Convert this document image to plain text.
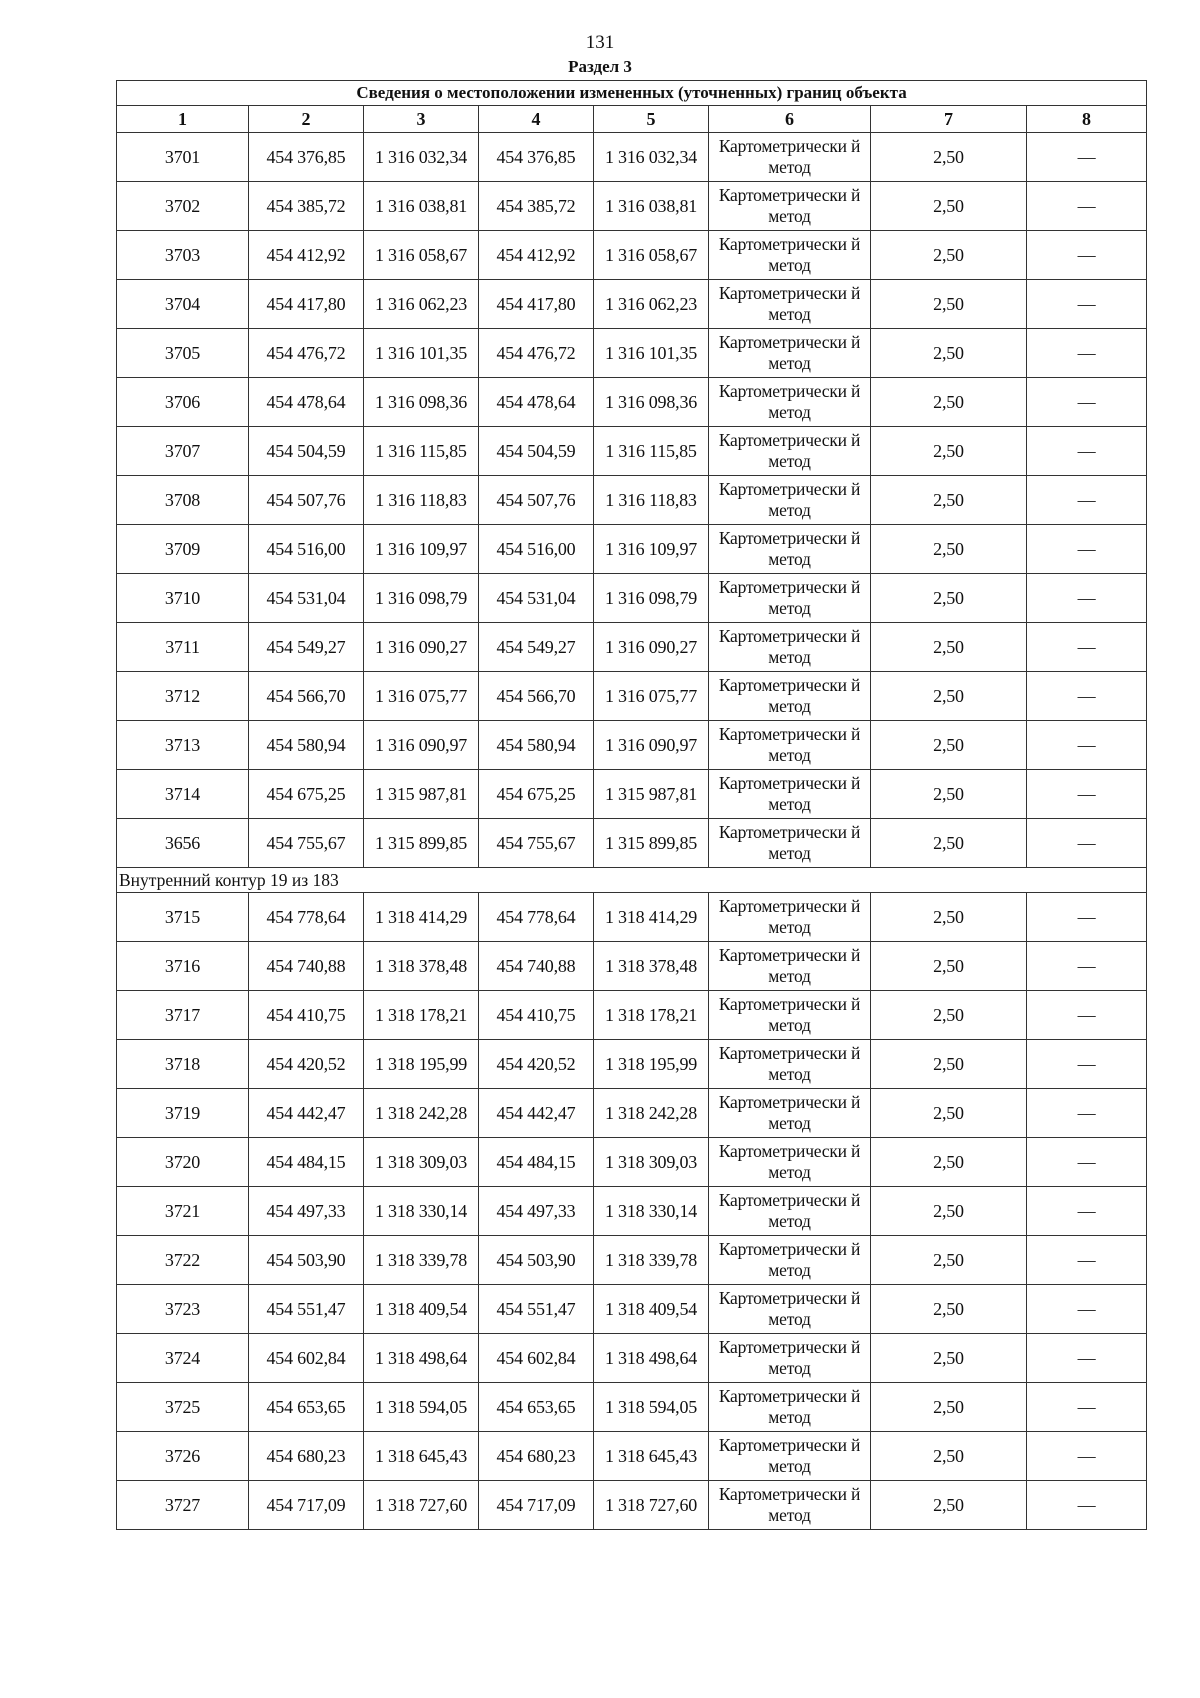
131
Раздел 3
Сведения о местоположении измененных (уточненных) границ объекта							
1	2	3	4	5	6	7	8
3701	454 376,85	1 316 032,34	454 376,85	1 316 032,34	Картометрически й метод	2,50	—
3702	454 385,72	1 316 038,81	454 385,72	1 316 038,81	Картометрически й метод	2,50	—
3703	454 412,92	1 316 058,67	454 412,92	1 316 058,67	Картометрически й метод	2,50	—
3704	454 417,80	1 316 062,23	454 417,80	1 316 062,23	Картометрически й метод	2,50	—
3705	454 476,72	1 316 101,35	454 476,72	1 316 101,35	Картометрически й метод	2,50	—
3706	454 478,64	1 316 098,36	454 478,64	1 316 098,36	Картометрически й метод	2,50	—
3707	454 504,59	1 316 115,85	454 504,59	1 316 115,85	Картометрически й метод	2,50	—
3708	454 507,76	1 316 118,83	454 507,76	1 316 118,83	Картометрически й метод	2,50	—
3709	454 516,00	1 316 109,97	454 516,00	1 316 109,97	Картометрически й метод	2,50	—
3710	454 531,04	1 316 098,79	454 531,04	1 316 098,79	Картометрически й метод	2,50	—
3711	454 549,27	1 316 090,27	454 549,27	1 316 090,27	Картометрически й метод	2,50	—
3712	454 566,70	1 316 075,77	454 566,70	1 316 075,77	Картометрически й метод	2,50	—
3713	454 580,94	1 316 090,97	454 580,94	1 316 090,97	Картометрически й метод	2,50	—
3714	454 675,25	1 315 987,81	454 675,25	1 315 987,81	Картометрически й метод	2,50	—
3656	454 755,67	1 315 899,85	454 755,67	1 315 899,85	Картометрически й метод	2,50	—
Внутренний контур 19 из 183							
3715	454 778,64	1 318 414,29	454 778,64	1 318 414,29	Картометрически й метод	2,50	—
3716	454 740,88	1 318 378,48	454 740,88	1 318 378,48	Картометрически й метод	2,50	—
3717	454 410,75	1 318 178,21	454 410,75	1 318 178,21	Картометрически й метод	2,50	—
3718	454 420,52	1 318 195,99	454 420,52	1 318 195,99	Картометрически й метод	2,50	—
3719	454 442,47	1 318 242,28	454 442,47	1 318 242,28	Картометрически й метод	2,50	—
3720	454 484,15	1 318 309,03	454 484,15	1 318 309,03	Картометрически й метод	2,50	—
3721	454 497,33	1 318 330,14	454 497,33	1 318 330,14	Картометрически й метод	2,50	—
3722	454 503,90	1 318 339,78	454 503,90	1 318 339,78	Картометрически й метод	2,50	—
3723	454 551,47	1 318 409,54	454 551,47	1 318 409,54	Картометрически й метод	2,50	—
3724	454 602,84	1 318 498,64	454 602,84	1 318 498,64	Картометрически й метод	2,50	—
3725	454 653,65	1 318 594,05	454 653,65	1 318 594,05	Картометрически й метод	2,50	—
3726	454 680,23	1 318 645,43	454 680,23	1 318 645,43	Картометрически й метод	2,50	—
3727	454 717,09	1 318 727,60	454 717,09	1 318 727,60	Картометрически й метод	2,50	—
